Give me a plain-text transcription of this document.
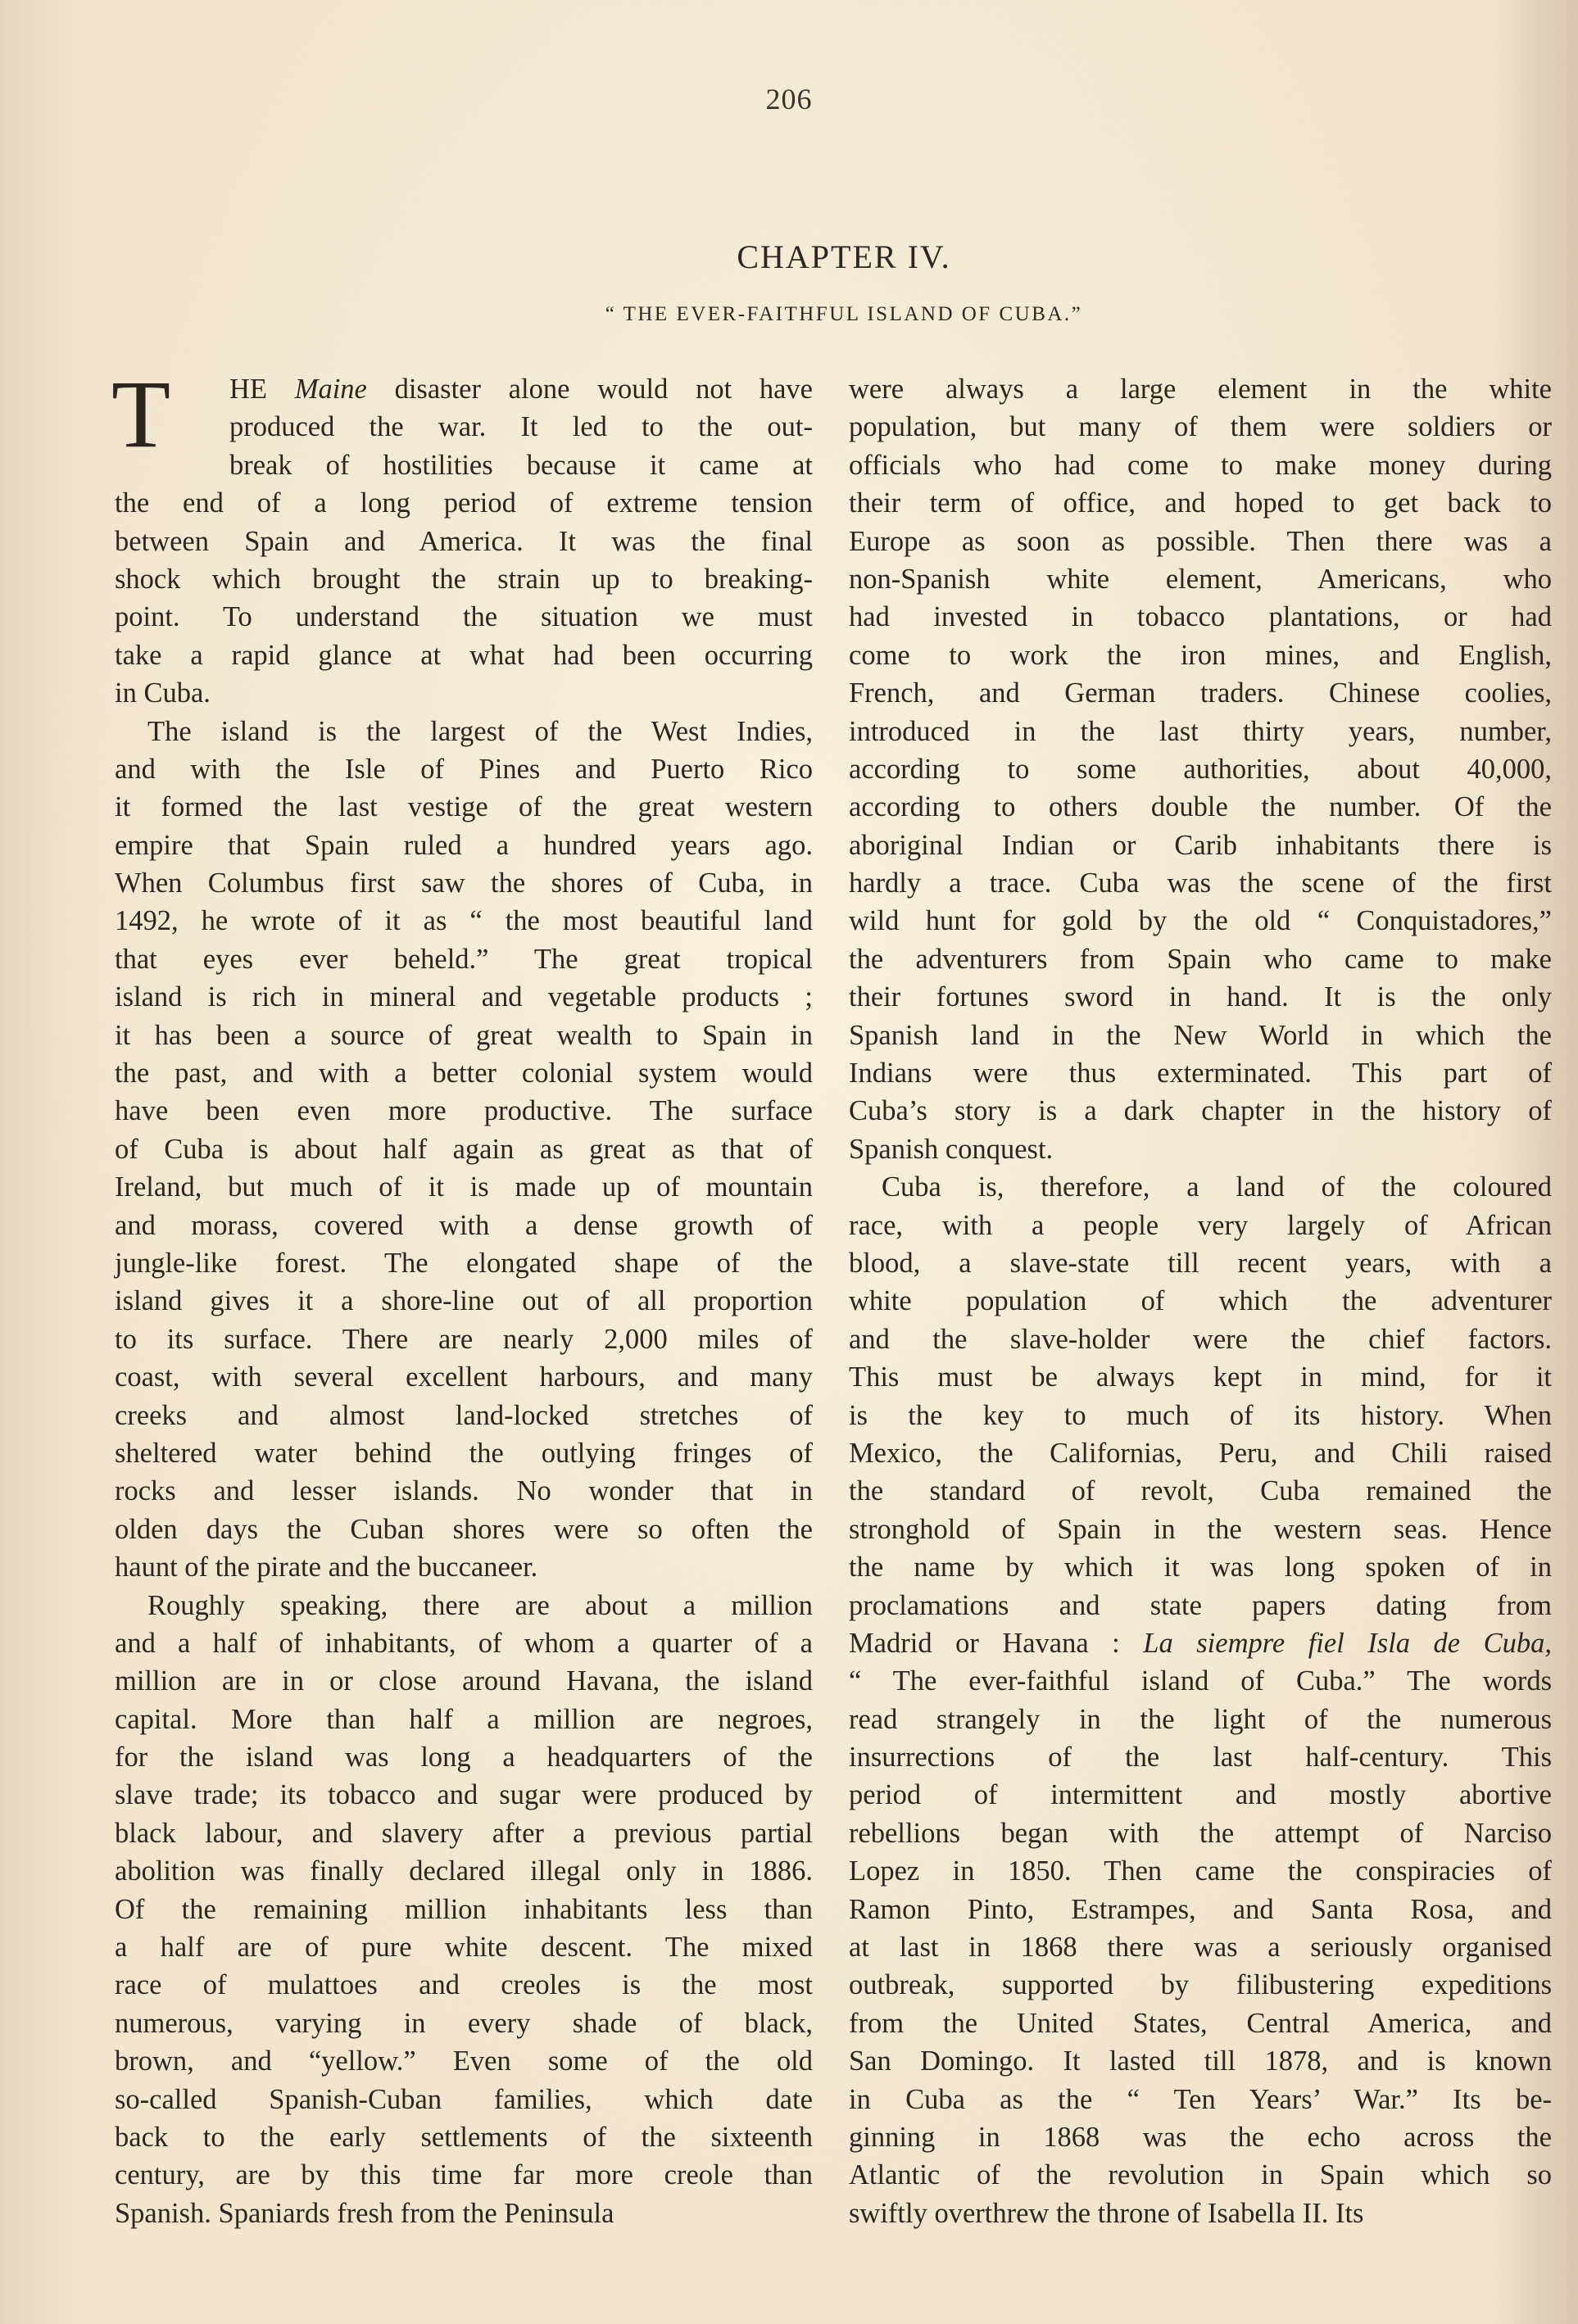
206
CHAPTER IV.
“ THE EVER-FAITHFUL ISLAND OF CUBA.”
T	HE Maine disaster alone would not have
produced the war. It led to the out-
break of hostilities because it came at
the end of a long period of extreme tension
between Spain and America. It was the final
shock which brought the strain up to breaking-
point. To understand the situation we must
take a rapid glance at what had been occurring
in Cuba.
The island is the largest of the West Indies,
and with the Isle of Pines and Puerto Rico
it formed the last vestige of the great western
empire that Spain ruled a hundred years ago.
When Columbus first saw the shores of Cuba, in
1492, he wrote of it as “ the most beautiful land
that eyes ever beheld.” The great tropical
island is rich in mineral and vegetable products ;
it has been a source of great wealth to Spain in
the past, and with a better colonial system would
have been even more productive. The surface
of Cuba is about half again as great as that of
Ireland, but much of it is made up of mountain
and morass, covered with a dense growth of
jungle-like forest. The elongated shape of the
island gives it a shore-line out of all proportion
to its surface. There are nearly 2,000 miles of
coast, with several excellent harbours, and many
creeks and almost land-locked stretches of
sheltered water behind the outlying fringes of
rocks and lesser islands. No wonder that in
olden days the Cuban shores were so often the
haunt of the pirate and the buccaneer.
Roughly speaking, there are about a million
and a half of inhabitants, of whom a quarter of a
million are in or close around Havana, the island
capital. More than half a million are negroes,
for the island was long a headquarters of the
slave trade; its tobacco and sugar were produced by
black labour, and slavery after a previous partial
abolition was finally declared illegal only in 1886.
Of the remaining million inhabitants less than
a half are of pure white descent. The mixed
race of mulattoes and creoles is the most
numerous, varying in every shade of black,
brown, and “yellow.” Even some of the old
so-called Spanish-Cuban families, which date
back to the early settlements of the sixteenth
century, are by this time far more creole than
Spanish. Spaniards fresh from the Peninsula
were always a large element in the white
population, but many of them were soldiers or
officials who had come to make money during
their term of office, and hoped to get back to
Europe as soon as possible. Then there was a
non-Spanish white element, Americans, who
had invested in tobacco plantations, or had
come to work the iron mines, and English,
French, and German traders. Chinese coolies,
introduced in the last thirty years, number,
according to some authorities, about 40,000,
according to others double the number. Of the
aboriginal Indian or Carib inhabitants there is
hardly a trace. Cuba was the scene of the first
wild hunt for gold by the old “ Conquistadores,”
the adventurers from Spain who came to make
their fortunes sword in hand. It is the only
Spanish land in the New World in which the
Indians were thus exterminated. This part of
Cuba’s story is a dark chapter in the history of
Spanish conquest.
Cuba is, therefore, a land of the coloured
race, with a people very largely of African
blood, a slave-state till recent years, with a
white population of which the adventurer
and the slave-holder were the chief factors.
This must be always kept in mind, for it
is the key to much of its history. When
Mexico, the Californias, Peru, and Chili raised
the standard of revolt, Cuba remained the
stronghold of Spain in the western seas. Hence
the name by which it was long spoken of in
proclamations and state papers dating from
Madrid or Havana : La siempre fiel Isla de Cuba,
“ The ever-faithful island of Cuba.” The words
read strangely in the light of the numerous
insurrections of the last half-century. This
period of intermittent and mostly abortive
rebellions began with the attempt of Narciso
Lopez in 1850. Then came the conspiracies of
Ramon Pinto, Estrampes, and Santa Rosa, and
at last in 1868 there was a seriously organised
outbreak, supported by filibustering expeditions
from the United States, Central America, and
San Domingo. It lasted till 1878, and is known
in Cuba as the “ Ten Years’ War.” Its be-
ginning in 1868 was the echo across the
Atlantic of the revolution in Spain which so
swiftly overthrew the throne of Isabella II. Its
